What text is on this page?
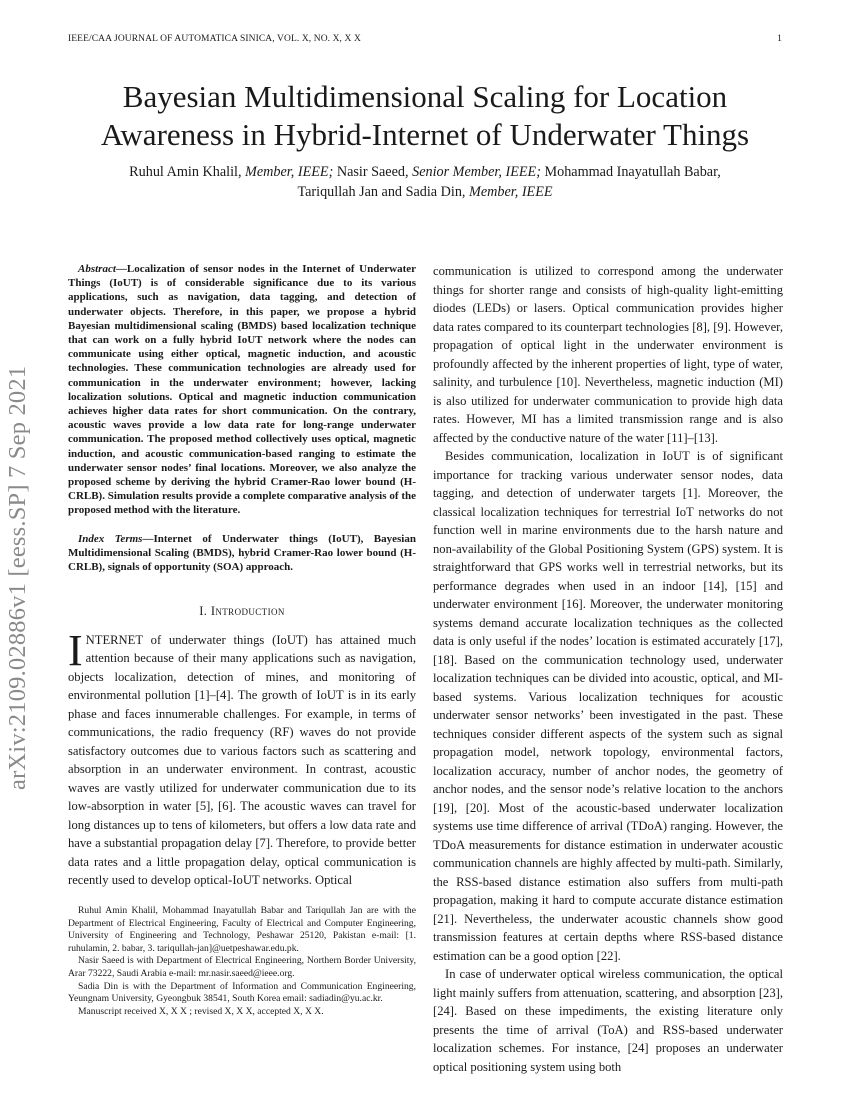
IEEE/CAA JOURNAL OF AUTOMATICA SINICA, VOL. X, NO. X, X X	1
arXiv:2109.02886v1 [eess.SP] 7 Sep 2021
Bayesian Multidimensional Scaling for Location
Awareness in Hybrid-Internet of Underwater Things
Ruhul Amin Khalil, Member, IEEE; Nasir Saeed, Senior Member, IEEE; Mohammad Inayatullah Babar,
Tariqullah Jan and Sadia Din, Member, IEEE

Abstract—Localization of sensor nodes in the Internet of Underwater Things (IoUT) is of considerable significance due to its various applications, such as navigation, data tagging, and detection of underwater objects. Therefore, in this paper, we propose a hybrid Bayesian multidimensional scaling (BMDS) based localization technique that can work on a fully hybrid IoUT network where the nodes can communicate using either optical, magnetic induction, and acoustic technologies. These communication technologies are already used for communication in the underwater environment; however, lacking localization solutions. Optical and magnetic induction communication achieves higher data rates for short communication. On the contrary, acoustic waves provide a low data rate for long-range underwater communication. The proposed method collectively uses optical, magnetic induction, and acoustic communication-based ranging to estimate the underwater sensor nodes’ final locations. Moreover, we also analyze the proposed scheme by deriving the hybrid Cramer-Rao lower bound (H-CRLB). Simulation results provide a complete comparative analysis of the proposed method with the literature.

Index Terms—Internet of Underwater things (IoUT), Bayesian Multidimensional Scaling (BMDS), hybrid Cramer-Rao lower bound (H-CRLB), signals of opportunity (SOA) approach.

I. Introduction

INTERNET of underwater things (IoUT) has attained much attention because of their many applications such as navigation, objects localization, detection of mines, and monitoring of environmental pollution [1]–[4]. The growth of IoUT is in its early phase and faces innumerable challenges. For example, in terms of communications, the radio frequency (RF) waves do not provide satisfactory outcomes due to various factors such as scattering and absorption in an underwater environment. In contrast, acoustic waves are vastly utilized for underwater communication due to its low-absorption in water [5], [6]. The acoustic waves can travel for long distances up to tens of kilometers, but offers a low data rate and have a substantial propagation delay [7]. Therefore, to provide better data rates and a little propagation delay, optical communication is recently used to develop optical-IoUT networks. Optical

communication is utilized to correspond among the underwater things for shorter range and consists of high-quality light-emitting diodes (LEDs) or lasers. Optical communication provides higher data rates compared to its counterpart technologies [8], [9]. However, propagation of optical light in the underwater environment is profoundly affected by the inherent properties of light, type of water, salinity, and turbulence [10]. Nevertheless, magnetic induction (MI) is also utilized for underwater communication to provide high data rates. However, MI has a limited transmission range and is also affected by the conductive nature of the water [11]–[13].

Besides communication, localization in IoUT is of significant importance for tracking various underwater sensor nodes, data tagging, and detection of underwater targets [1]. Moreover, the classical localization techniques for terrestrial IoT networks do not function well in marine environments due to the harsh nature and non-availability of the Global Positioning System (GPS) system. It is straightforward that GPS works well in terrestrial networks, but its performance degrades when used in an indoor [14], [15] and underwater environment [16]. Moreover, the underwater monitoring systems demand accurate localization techniques as the collected data is only useful if the nodes’ location is estimated accurately [17], [18]. Based on the communication technology used, underwater localization techniques can be divided into acoustic, optical, and MI-based systems. Various localization techniques for acoustic underwater sensor networks’ been investigated in the past. These techniques consider different aspects of the system such as signal propagation model, network topology, environmental factors, localization accuracy, number of anchor nodes, the geometry of anchor nodes, and the sensor node’s relative location to the anchors [19], [20]. Most of the acoustic-based underwater localization systems use time difference of arrival (TDoA) ranging. However, the TDoA measurements for distance estimation in underwater acoustic communication channels are highly affected by multi-path. Similarly, the RSS-based distance estimation also suffers from multi-path propagation, making it hard to compute accurate distance estimation [21]. Nevertheless, the underwater acoustic channels show good transmission features at certain depths where RSS-based distance estimation can be a good option [22].

In case of underwater optical wireless communication, the optical light mainly suffers from attenuation, scattering, and absorption [23], [24]. Based on these impediments, the existing literature only presents the time of arrival (ToA) and RSS-based underwater localization schemes. For instance, [24] proposes an underwater optical positioning system using both

Ruhul Amin Khalil, Mohammad Inayatullah Babar and Tariqullah Jan are with the Department of Electrical Engineering, Faculty of Electrical and Computer Engineering, University of Engineering and Technology, Peshawar 25120, Pakistan e-mail: [1. ruhulamin, 2. babar, 3. tariqullah-jan]@uetpeshawar.edu.pk.

Nasir Saeed is with Department of Electrical Engineering, Northern Border University, Arar 73222, Saudi Arabia e-mail: mr.nasir.saeed@ieee.org.

Sadia Din is with the Department of Information and Communication Engineering, Yeungnam University, Gyeongbuk 38541, South Korea email: sadiadin@yu.ac.kr.

Manuscript received X, X X ; revised X, X X, accepted X, X X.
